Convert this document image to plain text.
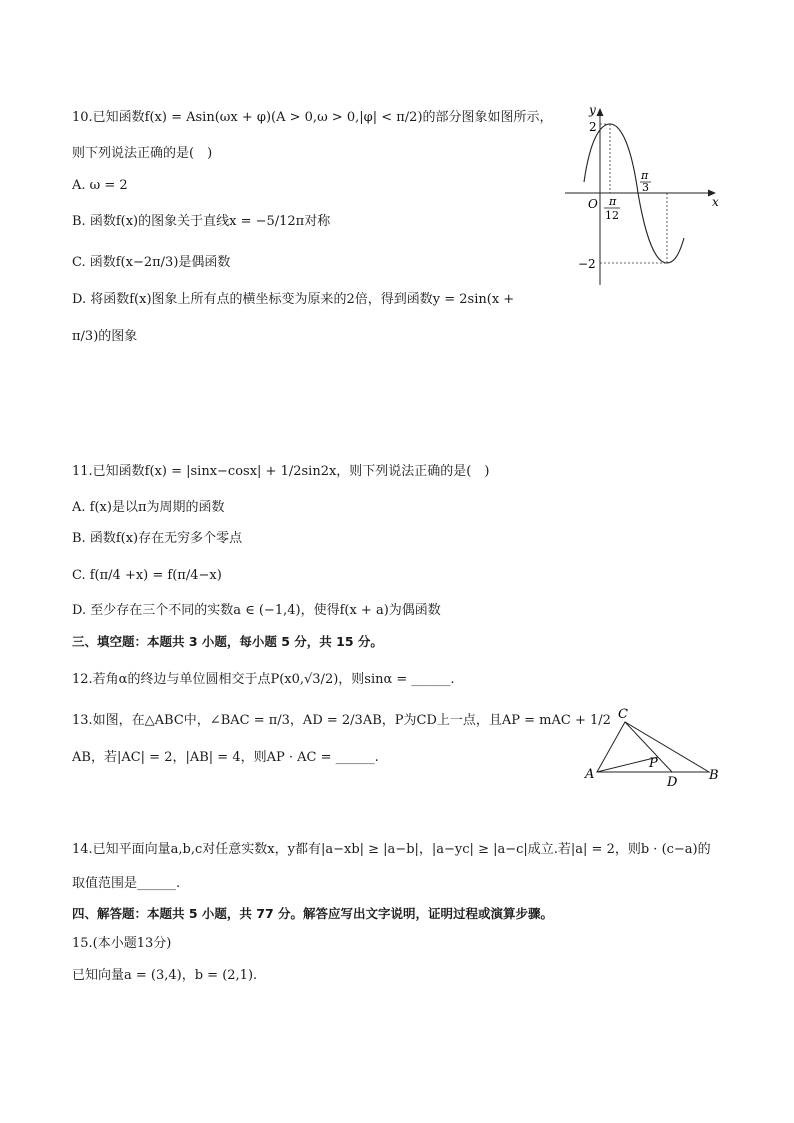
10.已知函数f(x) = Asin(ωx + φ)(A > 0,ω > 0,|φ| < π/2)的部分图象如图所示，
则下列说法正确的是(　)
A. ω = 2
B. 函数f(x)的图象关于直线x = −5/12π对称
C. 函数f(x−2π/3)是偶函数
D. 将函数f(x)图象上所有点的横坐标变为原来的2倍，得到函数y = 2sin(x +
π/3)的图象
y
x
O
2
−2
π
3
π
12
11.已知函数f(x) = |sinx−cosx| + 1/2sin2x，则下列说法正确的是(　)
A. f(x)是以π为周期的函数
B. 函数f(x)存在无穷多个零点
C. f(π/4 +x) = f(π/4−x)
D. 至少存在三个不同的实数a ∈ (−1,4)，使得f(x + a)为偶函数
三、填空题：本题共 3 小题，每小题 5 分，共 15 分。
12.若角α的终边与单位圆相交于点P(x0,√3/2)，则sinα = ______.
13.如图，在△ABC中，∠BAC = π/3，AD = 2/3AB，P为CD上一点，且AP = mAC + 1/2
AB，若|AC| = 2，|AB| = 4，则AP · AC = ______.
C
A	B
D
P
14.已知平面向量a,b,c对任意实数x，y都有|a−xb| ≥ |a−b|，|a−yc| ≥ |a−c|成立.若|a| = 2，则b · (c−a)的
取值范围是______.
四、解答题：本题共 5 小题，共 77 分。解答应写出文字说明，证明过程或演算步骤。
15.(本小题13分)
已知向量a = (3,4)，b = (2,1).
